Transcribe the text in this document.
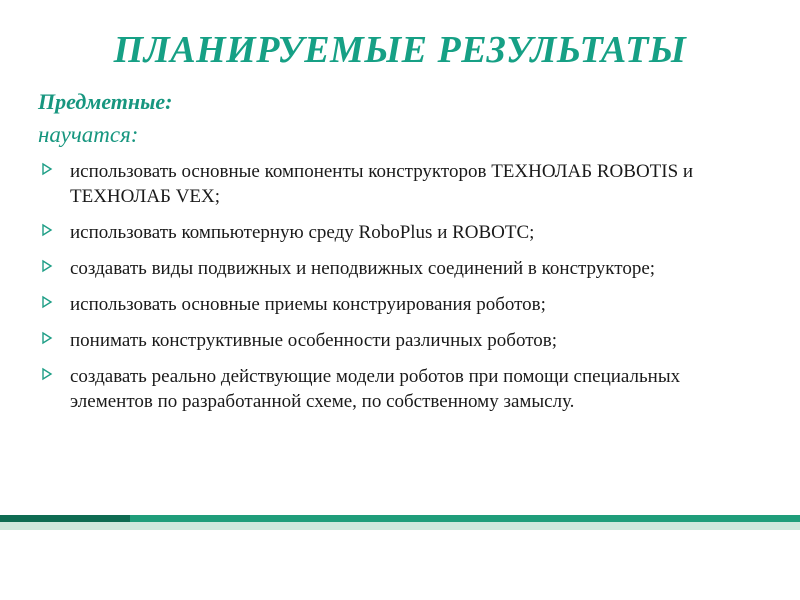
ПЛАНИРУЕМЫЕ РЕЗУЛЬТАТЫ
Предметные:
научатся:
использовать основные компоненты конструкторов ТЕХНОЛАБ ROBOTIS и ТЕХНОЛАБ VEX;
использовать компьютерную среду RoboPlus и ROBOTC;
создавать виды подвижных и неподвижных соединений в конструкторе;
использовать основные приемы конструирования роботов;
понимать конструктивные особенности различных роботов;
создавать реально действующие модели роботов при помощи специальных элементов по разработанной схеме, по собственному замыслу.
